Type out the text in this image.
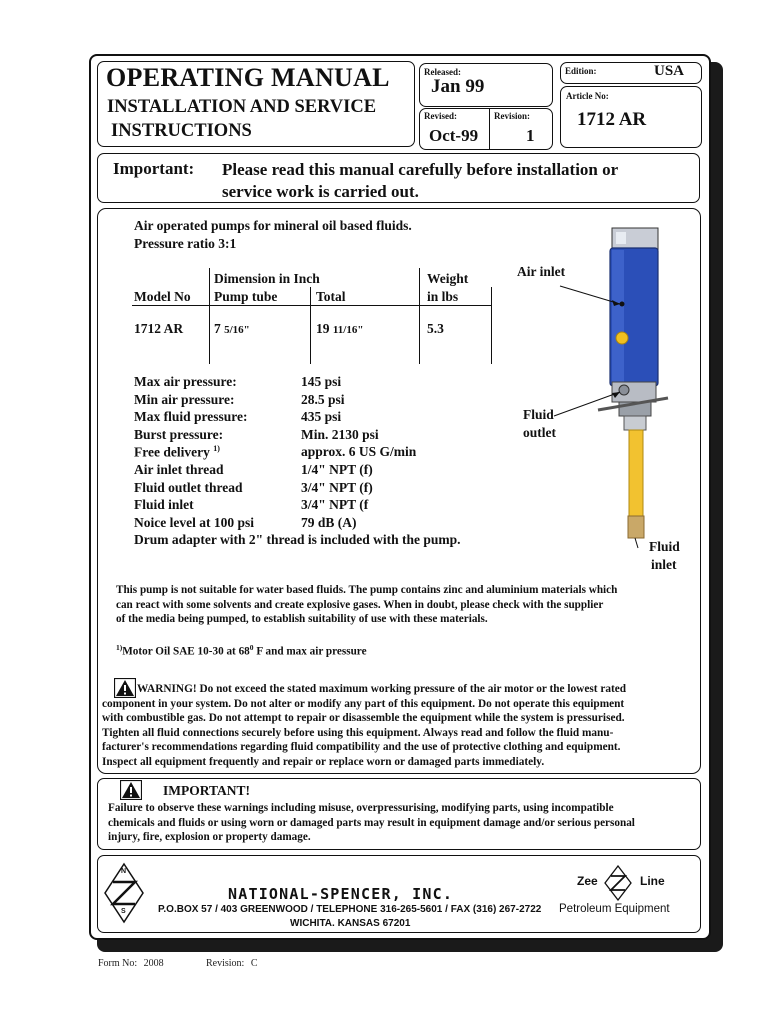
OPERATING MANUAL
INSTALLATION AND SERVICE
INSTRUCTIONS
Released:
Jan 99
Revised:
Oct-99
Revision:
1
Edition:	USA
Article No:
1712 AR
Important: Please read this manual carefully before installation or
service work is carried out.
Air operated pumps for mineral oil based fluids.
Pressure ratio 3:1
Dimension in Inch	Weight
Model No Pump tube	Total	in lbs
1712 AR 7 5/16"	19 11/16"	5.3
Max air pressure:	145 psi
Min air pressure:	28.5 psi
Max fluid pressure:	435 psi
Burst pressure:	Min. 2130 psi
Free delivery $^{1)}$	approx. 6 US G/min
Air inlet thread	1/4" NPT (f)
Fluid outlet thread	3/4" NPT (f)
Fluid inlet	3/4" NPT (f
Noice level at 100 psi	79 dB (A)
Drum adapter with 2" thread is included with the pump.
Air inlet
Fluid
outlet
Fluid
inlet
This pump is not suitable for water based fluids. The pump contains zinc and aluminium materials which
can react with some solvents and create explosive gases. When in doubt, please check with the supplier
of the media being pumped, to establish suitability of use with these materials.
$^{1)}$Motor Oil SAE 10-30 at $68^0$ F and max air pressure
WARNING! Do not exceed the stated maximum working pressure of the air motor or the lowest rated
component in your system. Do not alter or modify any part of this equipment. Do not operate this equipment
with combustible gas. Do not attempt to repair or disassemble the equipment while the system is pressurised.
Tighten all fluid connections securely before using this equipment. Always read and follow the fluid manu-
facturer's recommendations regarding fluid compatibility and the use of protective clothing and equipment.
Inspect all equipment frequently and repair or replace worn or damaged parts immediately.
IMPORTANT!
Failure to observe these warnings including misuse, overpressurising, modifying parts, using incompatible
chemicals and fluids or using worn or damaged parts may result in equipment damage and/or serious personal
injury, fire, explosion or property damage.
N
S
NATIONAL-SPENCER, INC.
P.O.BOX 57 / 403 GREENWOOD / TELEPHONE 316-265-5601 / FAX (316) 267-2722
WICHITA. KANSAS 67201
Zee	Line
Petroleum Equipment
Form No: 2008	Revision: C
